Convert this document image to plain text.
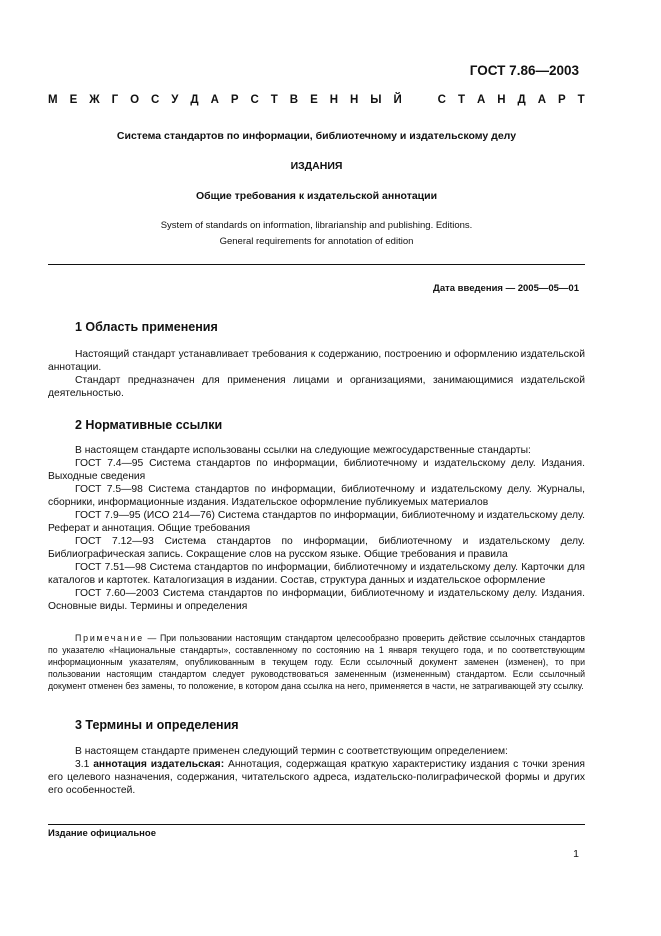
ГОСТ 7.86—2003
М Е Ж Г О С У Д А Р С Т В Е Н Н Ы Й	С Т А Н Д А Р Т
Система стандартов по информации, библиотечному и издательскому делу
ИЗДАНИЯ
Общие требования к издательской аннотации
System of standards on information, librarianship and publishing. Editions.
General requirements for annotation of edition
Дата введения — 2005—05—01
1 Область применения

Настоящий стандарт устанавливает требования к содержанию, построению и оформлению издательской аннотации.

Стандарт предназначен для применения лицами и организациями, занимающимися издательской деятельностью.

2 Нормативные ссылки

В настоящем стандарте использованы ссылки на следующие межгосударственные стандарты:

ГОСТ 7.4—95 Система стандартов по информации, библиотечному и издательскому делу. Издания. Выходные сведения

ГОСТ 7.5—98 Система стандартов по информации, библиотечному и издательскому делу. Журналы, сборники, информационные издания. Издательское оформление публикуемых материалов

ГОСТ 7.9—95 (ИСО 214—76) Система стандартов по информации, библиотечному и издательскому делу. Реферат и аннотация. Общие требования

ГОСТ 7.12—93 Система стандартов по информации, библиотечному и издательскому делу. Библиографическая запись. Сокращение слов на русском языке. Общие требования и правила

ГОСТ 7.51—98 Система стандартов по информации, библиотечному и издательскому делу. Карточки для каталогов и картотек. Каталогизация в издании. Состав, структура данных и издательское оформление

ГОСТ 7.60—2003 Система стандартов по информации, библиотечному и издательскому делу. Издания. Основные виды. Термины и определения

Примечание — При пользовании настоящим стандартом целесообразно проверить действие ссылочных стандартов по указателю «Национальные стандарты», составленному по состоянию на 1 января текущего года, и по соответствующим информационным указателям, опубликованным в текущем году. Если ссылочный документ заменен (изменен), то при пользовании настоящим стандартом следует руководствоваться замененным (измененным) стандартом. Если ссылочный документ отменен без замены, то положение, в котором дана ссылка на него, применяется в части, не затрагивающей эту ссылку.

3 Термины и определения

В настоящем стандарте применен следующий термин с соответствующим определением:

3.1 аннотация издательская: Аннотация, содержащая краткую характеристику издания с точки зрения его целевого назначения, содержания, читательского адреса, издательско-полиграфической формы и других его особенностей.

Издание официальное
1
